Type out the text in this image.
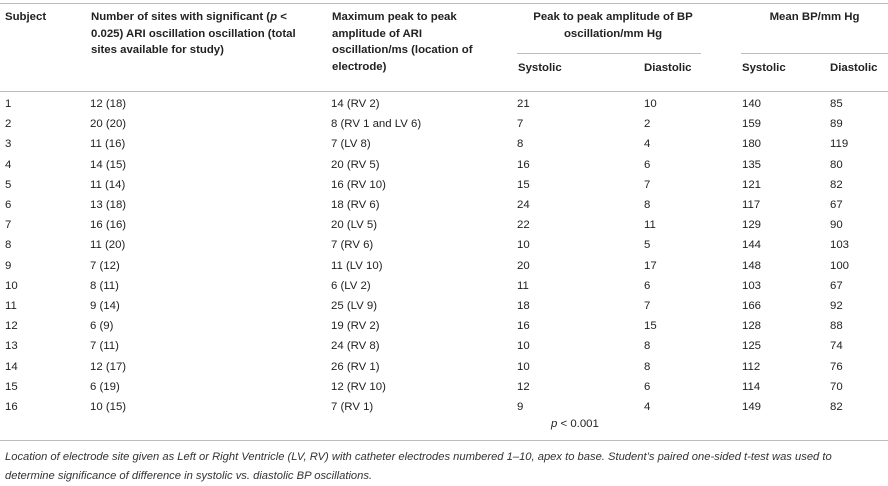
Subject	Number of sites with significant (p < 0.025) ARI oscillation oscillation (total sites available for study)
Maximum peak to peak amplitude of ARI oscillation/ms (location of electrode)
Peak to peak amplitude of BP oscillation/mm Hg
Mean BP/mm Hg
Systolic	Diastolic	Systolic	Diastolic
1	12 (18)	14 (RV 2)	21	10	140	85
2	20 (20)	8 (RV 1 and LV 6)	7	2	159	89
3	11 (16)	7 (LV 8)	8	4	180	119
4	14 (15)	20 (RV 5)	16	6	135	80
5	11 (14)	16 (RV 10)	15	7	121	82
6	13 (18)	18 (RV 6)	24	8	117	67
7	16 (16)	20 (LV 5)	22	11	129	90
8	11 (20)	7 (RV 6)	10	5	144	103
9	7 (12)	11 (LV 10)	20	17	148	100
10	8 (11)	6 (LV 2)	11	6	103	67
11	9 (14)	25 (LV 9)	18	7	166	92
12	6 (9)	19 (RV 2)	16	15	128	88
13	7 (11)	24 (RV 8)	10	8	125	74
14	12 (17)	26 (RV 1)	10	8	112	76
15	6 (19)	12 (RV 10)	12	6	114	70
16	10 (15)	7 (RV 1)	9	4	149	82
p < 0.001
Location of electrode site given as Left or Right Ventricle (LV, RV) with catheter electrodes numbered 1–10, apex to base. Student’s paired one-sided t-test was used to determine significance of difference in systolic vs. diastolic BP oscillations.
